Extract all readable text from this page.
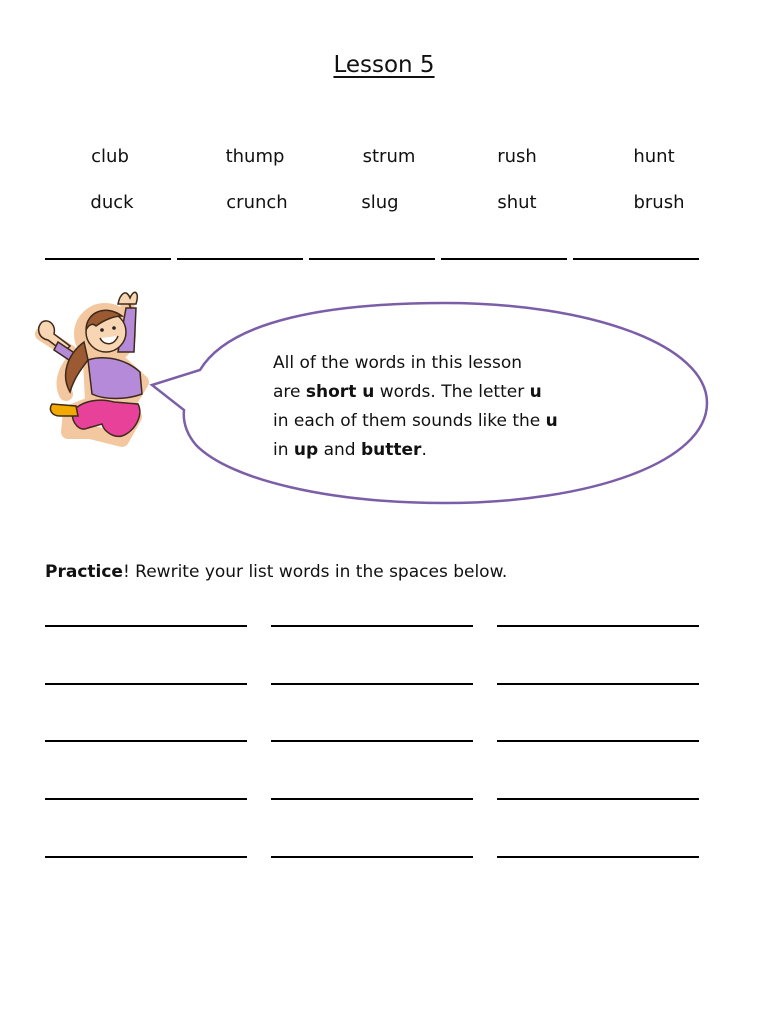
Lesson 5
club	thump	strum	rush	hunt
duck	crunch	slug	shut	brush
All of the words in this lesson
are short u words. The letter u
in each of them sounds like the u
in up and butter.
Practice! Rewrite your list words in the spaces below.
